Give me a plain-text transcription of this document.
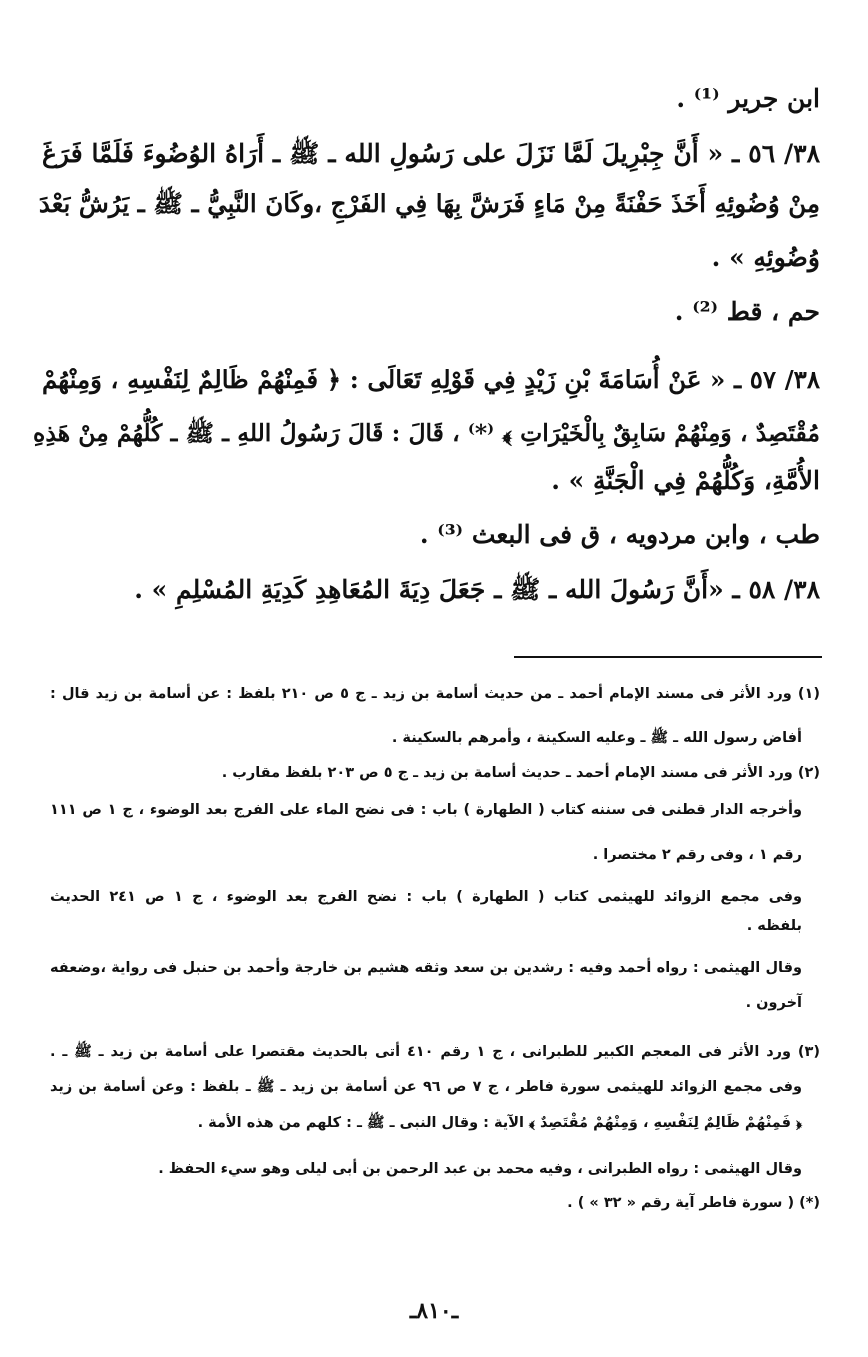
ابن جرير ⁽¹⁾ .
٣٨/ ٥٦ ـ « أَنَّ جِبْرِيلَ لَمَّا نَزَلَ على رَسُولِ الله ـ ﷺ ـ أَرَاهُ الوُضُوءَ فَلَمَّا فَرَغَ
مِنْ وُضُوئِهِ أَخَذَ حَفْنَةً مِنْ مَاءٍ فَرَشَّ بِهَا فِي الفَرْجِ ،وكَانَ النَّبِيُّ ـ ﷺ ـ يَرُشُّ بَعْدَ
وُضُوئِهِ » .
حم ، قط ⁽²⁾ .
٣٨/ ٥٧ ـ « عَنْ أُسَامَةَ بْنِ زَيْدٍ فِي قَوْلِهِ تَعَالَى : ﴿ فَمِنْهُمْ ظَالِمٌ لِنَفْسِهِ ، وَمِنْهُمْ
مُقْتَصِدٌ ، وَمِنْهُمْ سَابِقٌ بِالْخَيْرَاتِ ﴾ ⁽*⁾ ، قَالَ : قَالَ رَسُولُ اللهِ ـ ﷺ ـ كُلُّهُمْ مِنْ هَذِهِ
الأُمَّةِ، وَكُلُّهُمْ فِي الْجَنَّةِ » .
طب ، وابن مردويه ، ق فى البعث ⁽³⁾ .
٣٨/ ٥٨ ـ «أَنَّ رَسُولَ الله ـ ﷺ ـ جَعَلَ دِيَةَ المُعَاهِدِ كَدِيَةِ المُسْلِمِ » .
(١) ورد الأثر فى مسند الإمام أحمد ـ من حديث أسامة بن زيد ـ ج ٥ ص ٢١٠ بلفظ : عن أسامة بن زيد قال :
أفاض رسول الله ـ ﷺ ـ وعليه السكينة ، وأمرهم بالسكينة .
(٢) ورد الأثر فى مسند الإمام أحمد ـ حديث أسامة بن زيد ـ ج ٥ ص ٢٠٣ بلفظ مقارب .
وأخرجه الدار قطنى فى سننه كتاب ( الطهارة ) باب : فى نضح الماء على الفرج بعد الوضوء ، ج ١ ص ١١١
رقم ١ ، وفى رقم ٢ مختصرا .
وفى مجمع الزوائد للهيثمى كتاب ( الطهارة ) باب : نضح الفرج بعد الوضوء ، ج ١ ص ٢٤١ الحديث
بلفظه .
وقال الهيثمى : رواه أحمد وفيه : رشدين بن سعد وثقه هشيم بن خارجة وأحمد بن حنبل فى رواية ،وضعفه
آخرون .
(٣) ورد الأثر فى المعجم الكبير للطبرانى ، ج ١ رقم ٤١٠ أتى بالحديث مقتصرا على أسامة بن زيد ـ ﷺ ـ .
وفى مجمع الزوائد للهيثمى سورة فاطر ، ج ٧ ص ٩٦ عن أسامة بن زيد ـ ﷺ ـ بلفظ : وعن أسامة بن زيد
﴿ فَمِنْهُمْ ظَالِمٌ لِنَفْسِهِ ، وَمِنْهُمْ مُقْتَصِدٌ ﴾ الآية : وقال النبى ـ ﷺ ـ : كلهم من هذه الأمة .
وقال الهيثمى : رواه الطبرانى ، وفيه محمد بن عبد الرحمن بن أبى ليلى وهو سيء الحفظ .
(*) ( سورة فاطر آية رقم « ٣٢ » ) .
ـ٨١٠ـ
